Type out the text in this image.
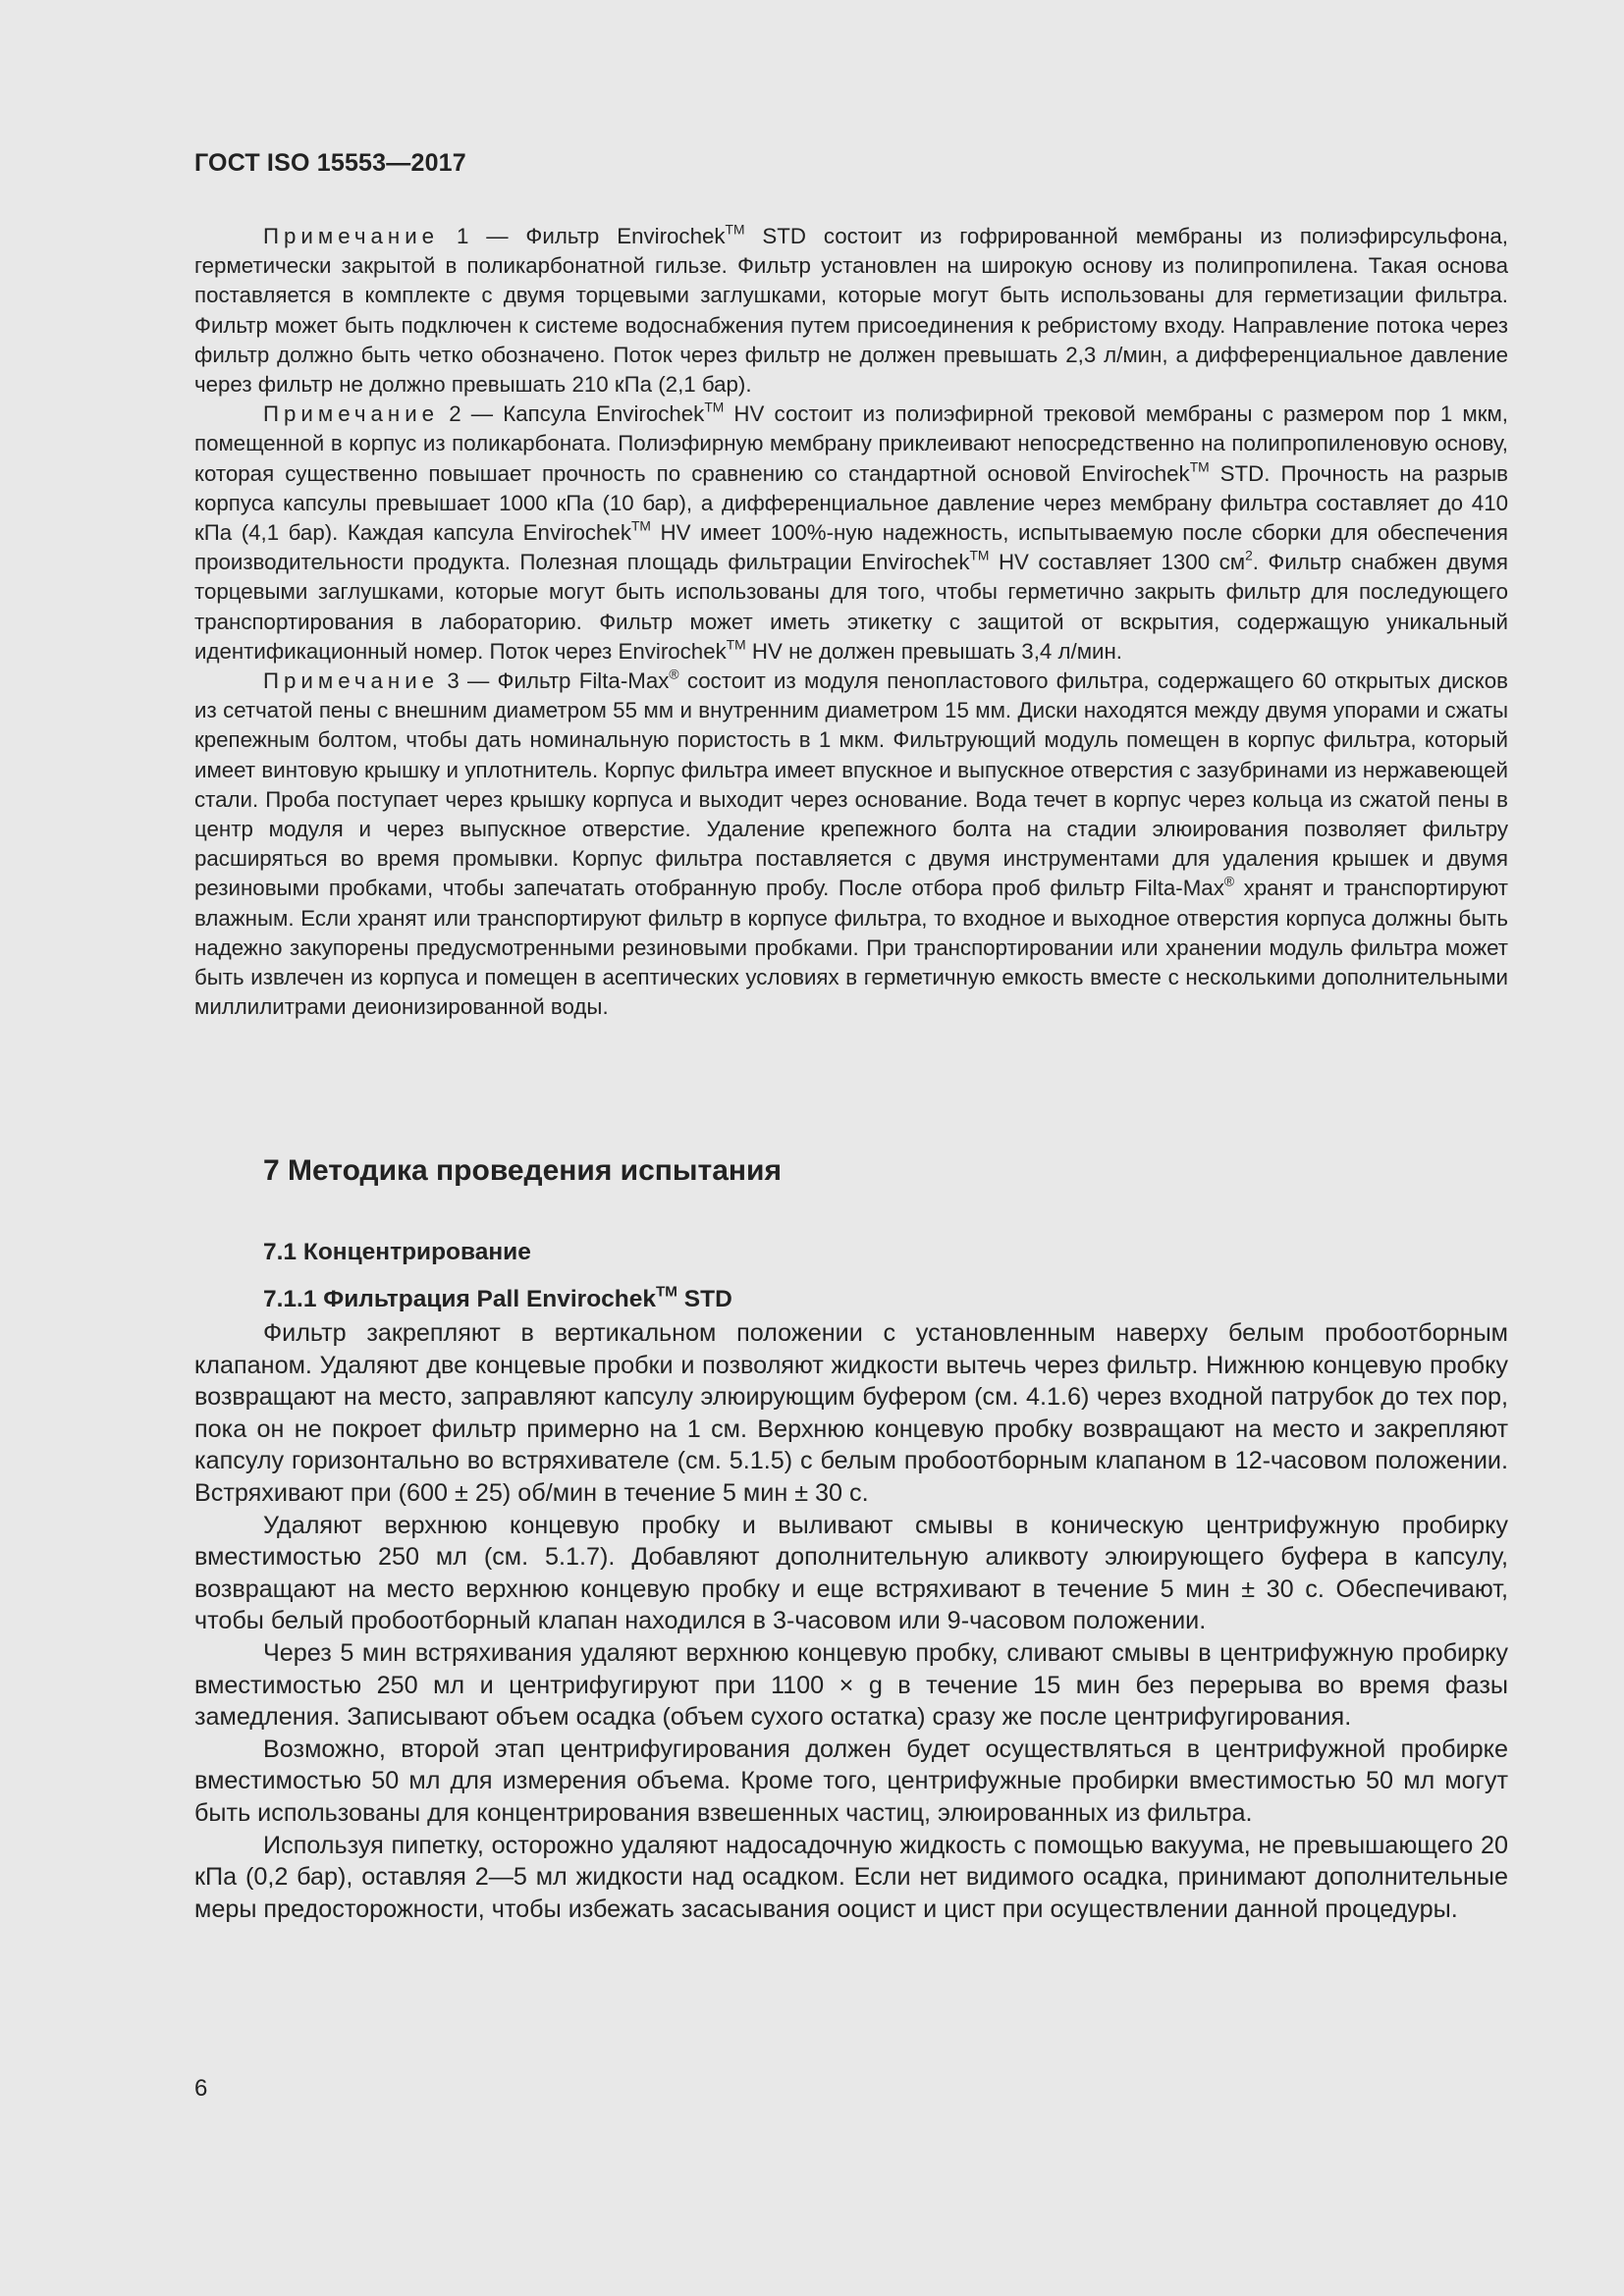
ГОСТ ISO 15553—2017

Примечание 1 — Фильтр Envirochek™ STD состоит из гофрированной мембраны из полиэфирсульфона, герметически закрытой в поликарбонатной гильзе. Фильтр установлен на широкую основу из полипропилена. Такая основа поставляется в комплекте с двумя торцевыми заглушками, которые могут быть использованы для герметизации фильтра. Фильтр может быть подключен к системе водоснабжения путем присоединения к ребристому входу. Направление потока через фильтр должно быть четко обозначено. Поток через фильтр не должен превышать 2,3 л/мин, а дифференциальное давление через фильтр не должно превышать 210 кПа (2,1 бар).

Примечание 2 — Капсула Envirochek™ HV состоит из полиэфирной трековой мембраны с размером пор 1 мкм, помещенной в корпус из поликарбоната. Полиэфирную мембрану приклеивают непосредственно на полипропиленовую основу, которая существенно повышает прочность по сравнению со стандартной основой Envirochek™ STD. Прочность на разрыв корпуса капсулы превышает 1000 кПа (10 бар), а дифференциальное давление через мембрану фильтра составляет до 410 кПа (4,1 бар). Каждая капсула Envirochek™ HV имеет 100%-ную надежность, испытываемую после сборки для обеспечения производительности продукта. Полезная площадь фильтрации Envirochek™ HV составляет 1300 $см^2$. Фильтр снабжен двумя торцевыми заглушками, которые могут быть использованы для того, чтобы герметично закрыть фильтр для последующего транспортирования в лабораторию. Фильтр может иметь этикетку с защитой от вскрытия, содержащую уникальный идентификационный номер. Поток через Envirochek™ HV не должен превышать 3,4 л/мин.

Примечание 3 — Фильтр Filta-Max® состоит из модуля пенопластового фильтра, содержащего 60 открытых дисков из сетчатой пены с внешним диаметром 55 мм и внутренним диаметром 15 мм. Диски находятся между двумя упорами и сжаты крепежным болтом, чтобы дать номинальную пористость в 1 мкм. Фильтрующий модуль помещен в корпус фильтра, который имеет винтовую крышку и уплотнитель. Корпус фильтра имеет впускное и выпускное отверстия с зазубринами из нержавеющей стали. Проба поступает через крышку корпуса и выходит через основание. Вода течет в корпус через кольца из сжатой пены в центр модуля и через выпускное отверстие. Удаление крепежного болта на стадии элюирования позволяет фильтру расширяться во время промывки. Корпус фильтра поставляется с двумя инструментами для удаления крышек и двумя резиновыми пробками, чтобы запечатать отобранную пробу. После отбора проб фильтр Filta-Max® хранят и транспортируют влажным. Если хранят или транспортируют фильтр в корпусе фильтра, то входное и выходное отверстия корпуса должны быть надежно закупорены предусмотренными резиновыми пробками. При транспортировании или хранении модуль фильтра может быть извлечен из корпуса и помещен в асептических условиях в герметичную емкость вместе с несколькими дополнительными миллилитрами деионизированной воды.

7 Методика проведения испытания
7.1 Концентрирование
7.1.1 Фильтрация Pall Envirochek™ STD

Фильтр закрепляют в вертикальном положении с установленным наверху белым пробоотборным клапаном. Удаляют две концевые пробки и позволяют жидкости вытечь через фильтр. Нижнюю концевую пробку возвращают на место, заправляют капсулу элюирующим буфером (см. 4.1.6) через входной патрубок до тех пор, пока он не покроет фильтр примерно на 1 см. Верхнюю концевую пробку возвращают на место и закрепляют капсулу горизонтально во встряхивателе (см. 5.1.5) с белым пробоотборным клапаном в 12-часовом положении. Встряхивают при (600 ± 25) об/мин в течение 5 мин ± 30 с.

Удаляют верхнюю концевую пробку и выливают смывы в коническую центрифужную пробирку вместимостью 250 мл (см. 5.1.7). Добавляют дополнительную аликвоту элюирующего буфера в капсулу, возвращают на место верхнюю концевую пробку и еще встряхивают в течение 5 мин ± 30 с. Обеспечивают, чтобы белый пробоотборный клапан находился в 3-часовом или 9-часовом положении.

Через 5 мин встряхивания удаляют верхнюю концевую пробку, сливают смывы в центрифужную пробирку вместимостью 250 мл и центрифугируют при 1100 × g в течение 15 мин без перерыва во время фазы замедления. Записывают объем осадка (объем сухого остатка) сразу же после центрифугирования.

Возможно, второй этап центрифугирования должен будет осуществляться в центрифужной пробирке вместимостью 50 мл для измерения объема. Кроме того, центрифужные пробирки вместимостью 50 мл могут быть использованы для концентрирования взвешенных частиц, элюированных из фильтра.

Используя пипетку, осторожно удаляют надосадочную жидкость с помощью вакуума, не превышающего 20 кПа (0,2 бар), оставляя 2—5 мл жидкости над осадком. Если нет видимого осадка, принимают дополнительные меры предосторожности, чтобы избежать засасывания ооцист и цист при осуществлении данной процедуры.

6
